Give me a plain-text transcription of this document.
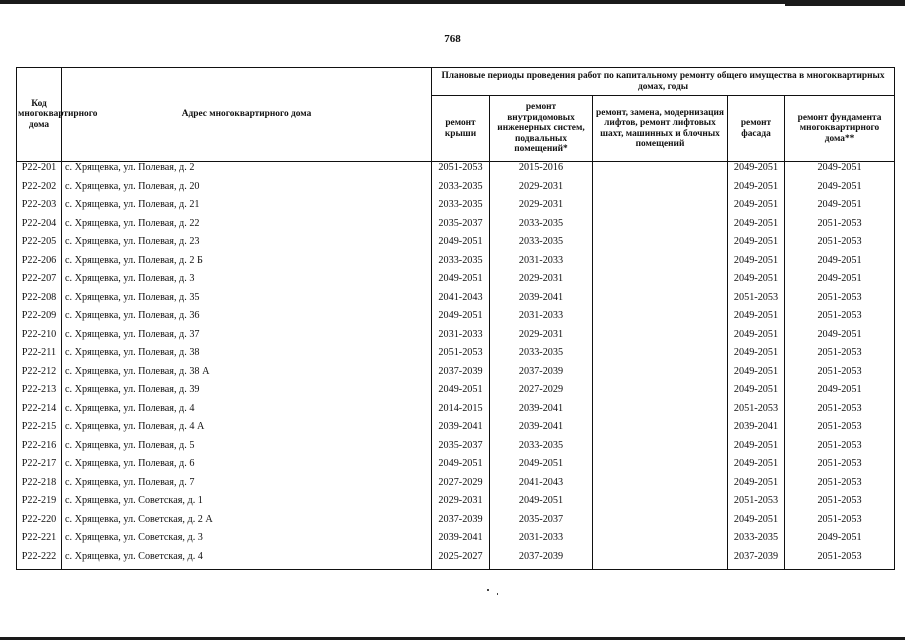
768
Код многоквартирного дома	Адрес многоквартирного дома	Плановые периоды проведения работ по капитальному ремонту общего имущества в многоквартирных домах, годы				
		ремонт крыши	ремонт внутридомовых инженерных систем, подвальных помещений*	ремонт, замена, модернизация лифтов, ремонт лифтовых шахт, машинных и блочных помещений	ремонт фасада	ремонт фундамента многоквартирного дома**
Р22-201	с. Хрящевка, ул. Полевая, д. 2	2051-2053	2015-2016		2049-2051	2049-2051
Р22-202	с. Хрящевка, ул. Полевая, д. 20	2033-2035	2029-2031		2049-2051	2049-2051
Р22-203	с. Хрящевка, ул. Полевая, д. 21	2033-2035	2029-2031		2049-2051	2049-2051
Р22-204	с. Хрящевка, ул. Полевая, д. 22	2035-2037	2033-2035		2049-2051	2051-2053
Р22-205	с. Хрящевка, ул. Полевая, д. 23	2049-2051	2033-2035		2049-2051	2051-2053
Р22-206	с. Хрящевка, ул. Полевая, д. 2 Б	2033-2035	2031-2033		2049-2051	2049-2051
Р22-207	с. Хрящевка, ул. Полевая, д. 3	2049-2051	2029-2031		2049-2051	2049-2051
Р22-208	с. Хрящевка, ул. Полевая, д. 35	2041-2043	2039-2041		2051-2053	2051-2053
Р22-209	с. Хрящевка, ул. Полевая, д. 36	2049-2051	2031-2033		2049-2051	2051-2053
Р22-210	с. Хрящевка, ул. Полевая, д. 37	2031-2033	2029-2031		2049-2051	2049-2051
Р22-211	с. Хрящевка, ул. Полевая, д. 38	2051-2053	2033-2035		2049-2051	2051-2053
Р22-212	с. Хрящевка, ул. Полевая, д. 38 А	2037-2039	2037-2039		2049-2051	2051-2053
Р22-213	с. Хрящевка, ул. Полевая, д. 39	2049-2051	2027-2029		2049-2051	2049-2051
Р22-214	с. Хрящевка, ул. Полевая, д. 4	2014-2015	2039-2041		2051-2053	2051-2053
Р22-215	с. Хрящевка, ул. Полевая, д. 4 А	2039-2041	2039-2041		2039-2041	2051-2053
Р22-216	с. Хрящевка, ул. Полевая, д. 5	2035-2037	2033-2035		2049-2051	2051-2053
Р22-217	с. Хрящевка, ул. Полевая, д. 6	2049-2051	2049-2051		2049-2051	2051-2053
Р22-218	с. Хрящевка, ул. Полевая, д. 7	2027-2029	2041-2043		2049-2051	2051-2053
Р22-219	с. Хрящевка, ул. Советская, д. 1	2029-2031	2049-2051		2051-2053	2051-2053
Р22-220	с. Хрящевка, ул. Советская, д. 2 А	2037-2039	2035-2037		2049-2051	2051-2053
Р22-221	с. Хрящевка, ул. Советская, д. 3	2039-2041	2031-2033		2033-2035	2049-2051
Р22-222	с. Хрящевка, ул. Советская, д. 4	2025-2027	2037-2039		2037-2039	2051-2053
